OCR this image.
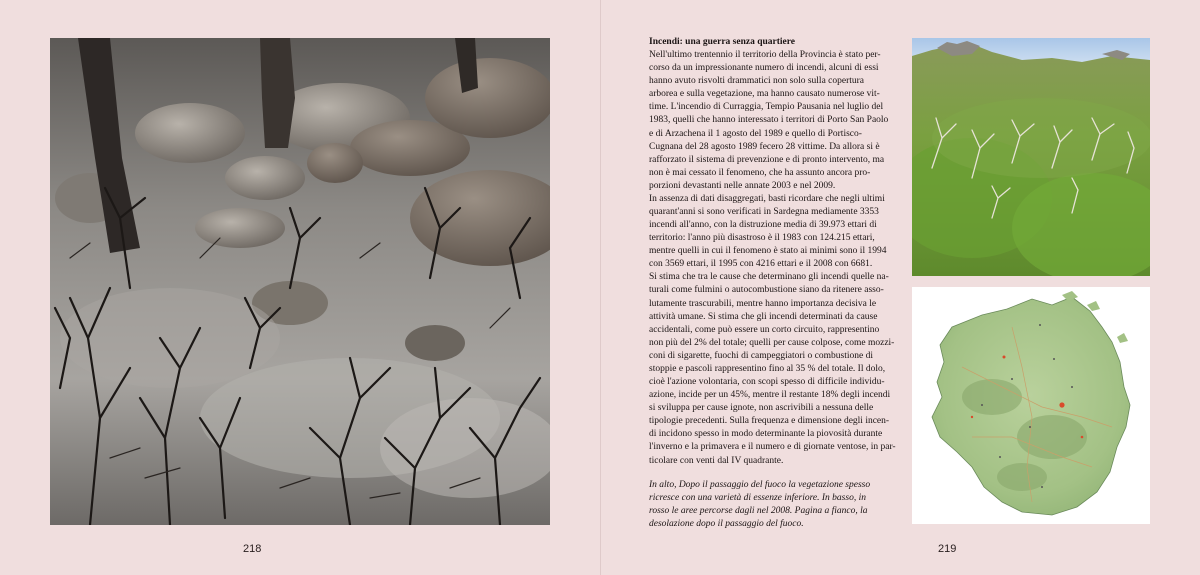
Incendi: una guerra senza quartiere

Nell'ultimo trentennio il territorio della Provincia è stato per-
corso da un impressionante numero di incendi, alcuni di essi
hanno avuto risvolti drammatici non solo sulla copertura
arborea e sulla vegetazione, ma hanno causato numerose vit-
time. L'incendio di Curraggia, Tempio Pausania nel luglio del
1983, quelli che hanno interessato i territori di Porto San Paolo
e di Arzachena il 1 agosto del 1989 e quello di Portisco-
Cugnana del 28 agosto 1989 fecero 28 vittime. Da allora si è
rafforzato il sistema di prevenzione e di pronto intervento, ma
non è mai cessato il fenomeno, che ha assunto ancora pro-
porzioni devastanti nelle annate 2003 e nel 2009.
In assenza di dati disaggregati, basti ricordare che negli ultimi
quarant'anni si sono verificati in Sardegna mediamente 3353
incendi all'anno, con la distruzione media di 39.973 ettari di
territorio: l'anno più disastroso è il 1983 con 124.215 ettari,
mentre quelli in cui il fenomeno è stato ai minimi sono il 1994
con 3569 ettari, il 1995 con 4216 ettari e il 2008 con 6681.
Si stima che tra le cause che determinano gli incendi quelle na-
turali come fulmini o autocombustione siano da ritenere asso-
lutamente trascurabili, mentre hanno importanza decisiva le
attività umane. Si stima che gli incendi determinati da cause
accidentali, come può essere un corto circuito, rappresentino
non più del 2% del totale; quelli per cause colpose, come mozzi-
coni di sigarette, fuochi di campeggiatori o combustione di
stoppie e pascoli rappresentino fino al 35 % del totale. Il dolo,
cioè l'azione volontaria, con scopi spesso di difficile individu-
azione, incide per un 45%, mentre il restante 18% degli incendi
si sviluppa per cause ignote, non ascrivibili a nessuna delle
tipologie precedenti. Sulla frequenza e dimensione degli incen-
di incidono spesso in modo determinante la piovosità durante
l'inverno e la primavera e il numero e di giornate ventose, in par-
ticolare con venti dal IV quadrante.

In alto, Dopo il passaggio del fuoco la vegetazione spesso
ricresce con una varietà di essenze inferiore. In basso, in
rosso le aree percorse dagli nel 2008. Pagina a fianco, la
desolazione dopo il passaggio del fuoco.

218	219
